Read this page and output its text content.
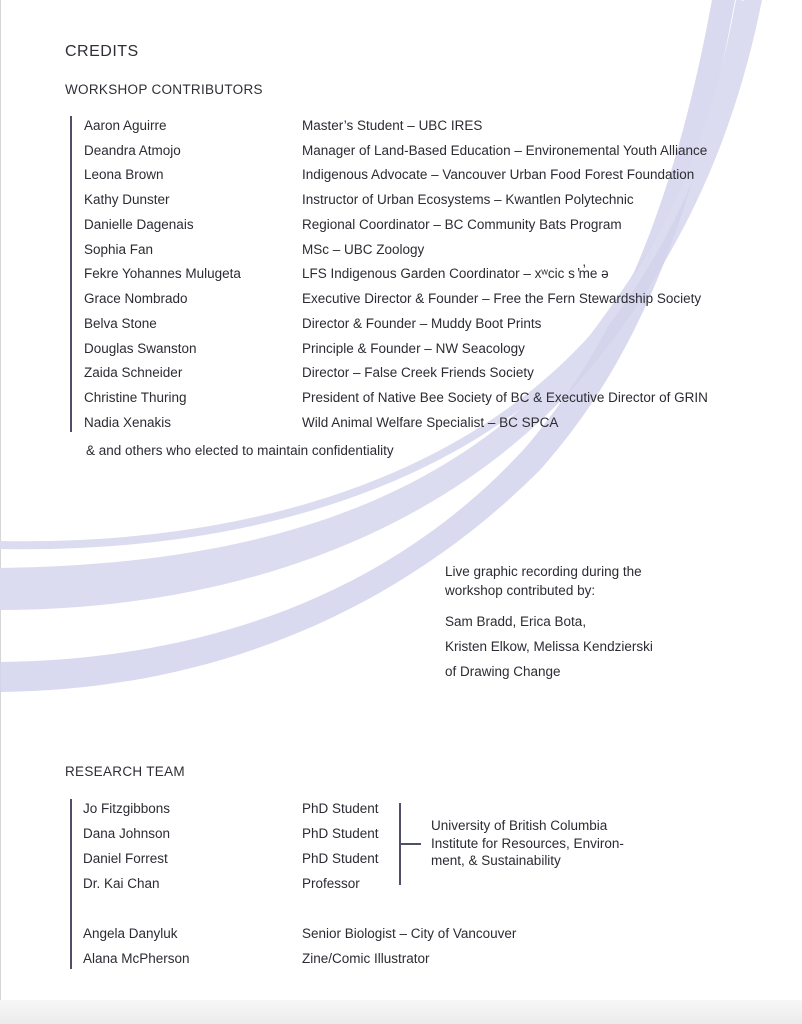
CREDITS
WORKSHOP CONTRIBUTORS
Aaron Aguirre	Master’s Student – UBC IRES
Deandra Atmojo	Manager of Land-Based Education – Environemental Youth Alliance
Leona Brown	Indigenous Advocate – Vancouver Urban Food Forest Foundation
Kathy Dunster	Instructor of Urban Ecosystems – Kwantlen Polytechnic
Danielle Dagenais	Regional Coordinator – BC Community Bats Program
Sophia Fan	MSc – UBC Zoology
Fekre Yohannes Mulugeta	LFS Indigenous Garden Coordinator – xʷcic s ̓m̓e ə
Grace Nombrado	Executive Director & Founder – Free the Fern Stewardship Society
Belva Stone	Director & Founder – Muddy Boot Prints
Douglas Swanston	Principle & Founder – NW Seacology
Zaida Schneider	Director – False Creek Friends Society
Christine Thuring	President of Native Bee Society of BC & Executive Director of GRIN
Nadia Xenakis	Wild Animal Welfare Specialist – BC SPCA
& and others who elected to maintain confidentiality
Live graphic recording during the
workshop contributed by:
Sam Bradd, Erica Bota,
Kristen Elkow, Melissa Kendzierski
of Drawing Change
RESEARCH TEAM
Jo Fitzgibbons	PhD Student
Dana Johnson	PhD Student
Daniel Forrest	PhD Student
Dr. Kai Chan	Professor
University of British Columbia
Institute for Resources, Environ-
ment, & Sustainability
Angela Danyluk	Senior Biologist – City of Vancouver
Alana McPherson	Zine/Comic Illustrator
